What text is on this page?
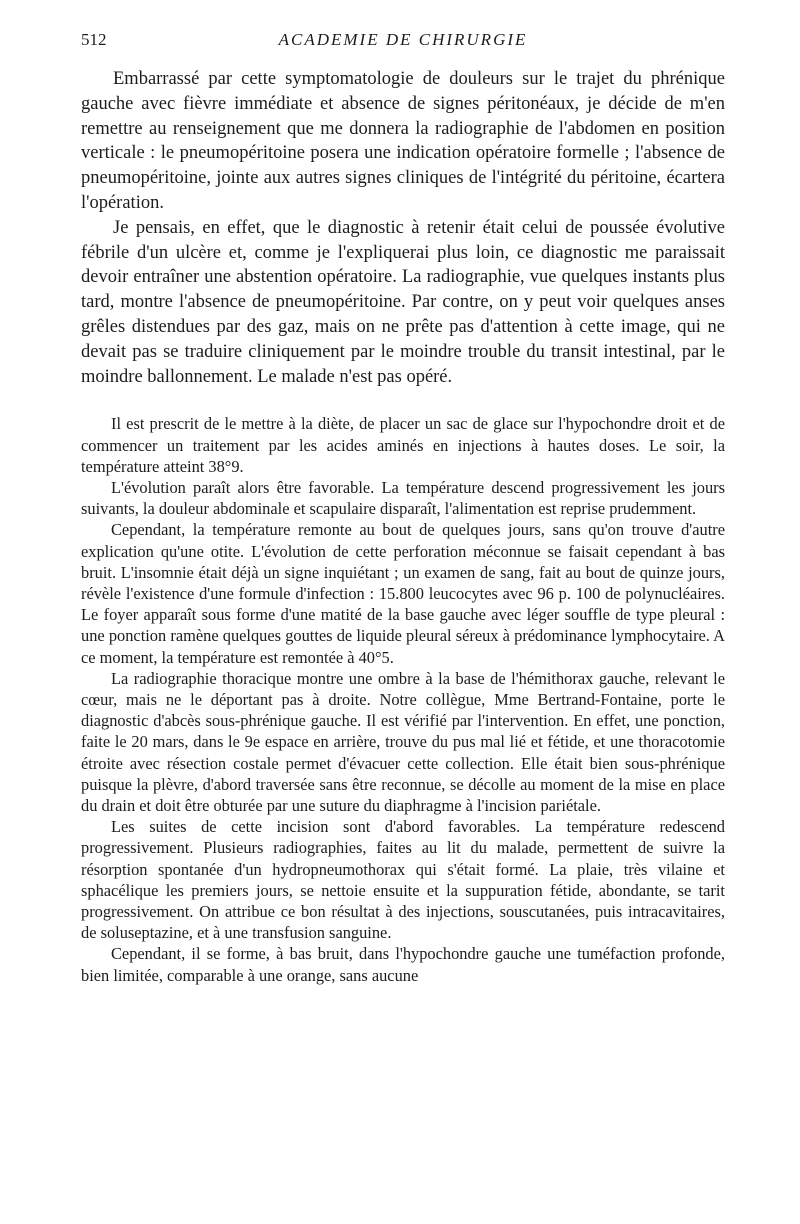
512	ACADEMIE DE CHIRURGIE

Embarrassé par cette symptomatologie de douleurs sur le trajet du phrénique gauche avec fièvre immédiate et absence de signes péritonéaux, je décide de m'en remettre au renseignement que me donnera la radiographie de l'abdomen en position verticale : le pneumopéritoine posera une indication opératoire formelle ; l'absence de pneumopéritoine, jointe aux autres signes cliniques de l'intégrité du péritoine, écartera l'opération.

Je pensais, en effet, que le diagnostic à retenir était celui de poussée évolutive fébrile d'un ulcère et, comme je l'expliquerai plus loin, ce diagnostic me paraissait devoir entraîner une abstention opératoire. La radiographie, vue quelques instants plus tard, montre l'absence de pneumopéritoine. Par contre, on y peut voir quelques anses grêles distendues par des gaz, mais on ne prête pas d'attention à cette image, qui ne devait pas se traduire cliniquement par le moindre trouble du transit intestinal, par le moindre ballonnement. Le malade n'est pas opéré.

Il est prescrit de le mettre à la diète, de placer un sac de glace sur l'hypochondre droit et de commencer un traitement par les acides aminés en injections à hautes doses. Le soir, la température atteint 38°9.

L'évolution paraît alors être favorable. La température descend progressivement les jours suivants, la douleur abdominale et scapulaire disparaît, l'alimentation est reprise prudemment.

Cependant, la température remonte au bout de quelques jours, sans qu'on trouve d'autre explication qu'une otite. L'évolution de cette perforation méconnue se faisait cependant à bas bruit. L'insomnie était déjà un signe inquiétant ; un examen de sang, fait au bout de quinze jours, révèle l'existence d'une formule d'infection : 15.800 leucocytes avec 96 p. 100 de polynucléaires. Le foyer apparaît sous forme d'une matité de la base gauche avec léger souffle de type pleural : une ponction ramène quelques gouttes de liquide pleural séreux à prédominance lymphocytaire. A ce moment, la température est remontée à 40°5.

La radiographie thoracique montre une ombre à la base de l'hémithorax gauche, relevant le cœur, mais ne le déportant pas à droite. Notre collègue, Mme Bertrand-Fontaine, porte le diagnostic d'abcès sous-phrénique gauche. Il est vérifié par l'intervention. En effet, une ponction, faite le 20 mars, dans le 9e espace en arrière, trouve du pus mal lié et fétide, et une thoracotomie étroite avec résection costale permet d'évacuer cette collection. Elle était bien sous-phrénique puisque la plèvre, d'abord traversée sans être reconnue, se décolle au moment de la mise en place du drain et doit être obturée par une suture du diaphragme à l'incision pariétale.

Les suites de cette incision sont d'abord favorables. La température redescend progressivement. Plusieurs radiographies, faites au lit du malade, permettent de suivre la résorption spontanée d'un hydropneumothorax qui s'était formé. La plaie, très vilaine et sphacélique les premiers jours, se nettoie ensuite et la suppuration fétide, abondante, se tarit progressivement. On attribue ce bon résultat à des injections, souscutanées, puis intracavitaires, de soluseptazine, et à une transfusion sanguine.

Cependant, il se forme, à bas bruit, dans l'hypochondre gauche une tuméfaction profonde, bien limitée, comparable à une orange, sans aucune
